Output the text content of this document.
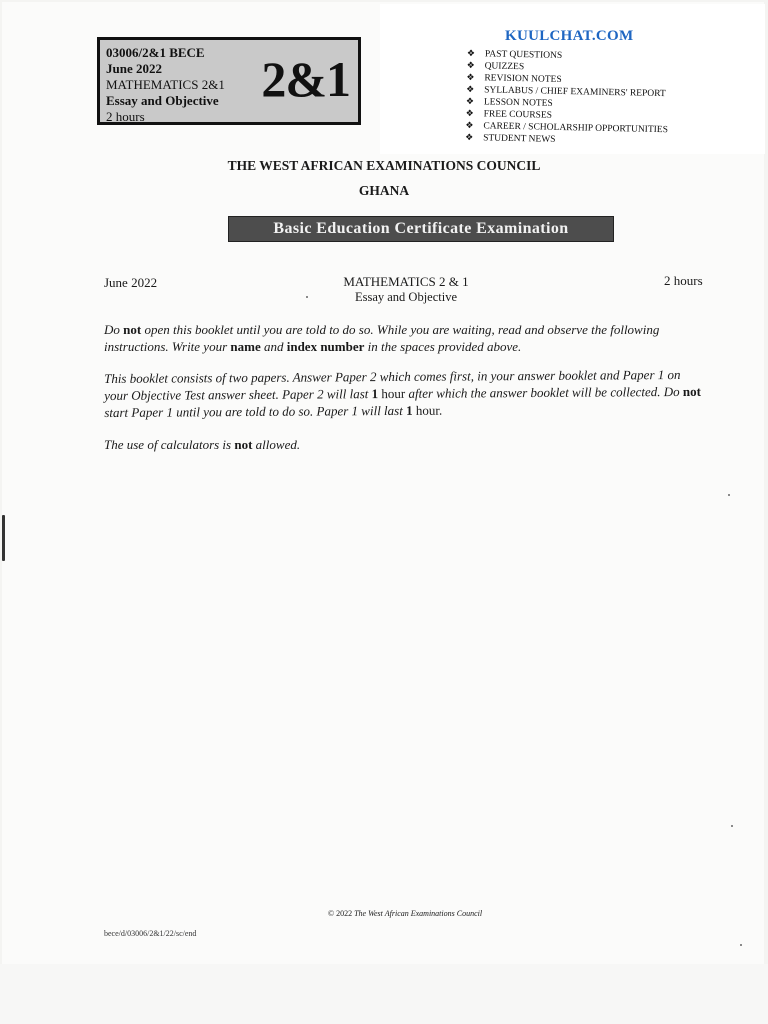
03006/2&1 BECE
June 2022
MATHEMATICS 2&1
Essay and Objective
2 hours
2&1
KUULCHAT.COM
❖ PAST QUESTIONS
❖ QUIZZES
❖ REVISION NOTES
❖ SYLLABUS / CHIEF EXAMINERS' REPORT
❖ LESSON NOTES
❖ FREE COURSES
❖ CAREER / SCHOLARSHIP OPPORTUNITIES
❖ STUDENT NEWS
THE WEST AFRICAN EXAMINATIONS COUNCIL
GHANA
Basic Education Certificate Examination
June 2022	MATHEMATICS 2 & 1
Essay and Objective
2 hours

Do not open this booklet until you are told to do so. While you are waiting, read and observe the following instructions. Write your name and index number in the spaces provided above.

This booklet consists of two papers. Answer Paper 2 which comes first, in your answer booklet and Paper 1 on your Objective Test answer sheet. Paper 2 will last 1 hour after which the answer booklet will be collected. Do not start Paper 1 until you are told to do so. Paper 1 will last 1 hour.

The use of calculators is not allowed.

© 2022 The West African Examinations Council
bece/d/03006/2&1/22/sc/end
